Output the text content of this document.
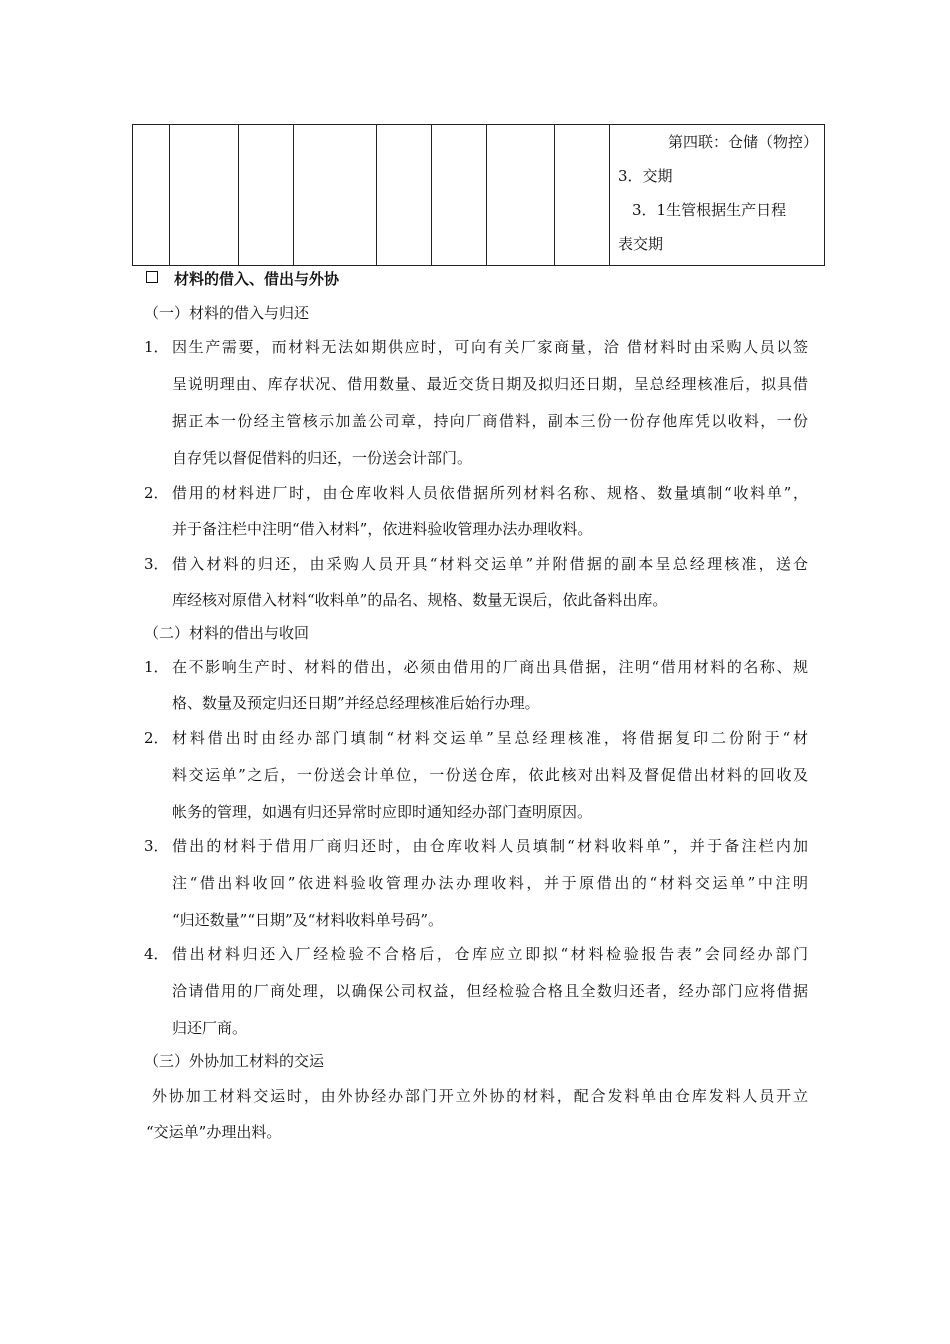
第四联：仓储（物控）
3．交期
3．1生管根据生产日程
表交期
材料的借入、借出与外协
（一）材料的借入与归还
1． 因生产需要，而材料无法如期供应时，可向有关厂家商量，洽 借材料时由采购人员以签
呈说明理由、库存状况、借用数量、最近交货日期及拟归还日期，呈总经理核准后，拟具借
据正本一份经主管核示加盖公司章，持向厂商借料，副本三份一份存他库凭以收料，一份
自存凭以督促借料的归还，一份送会计部门。
2． 借用的材料进厂时，由仓库收料人员依借据所列材料名称、规格、数量填制“收料单”，
并于备注栏中注明“借入材料”，依进料验收管理办法办理收料。
3． 借入材料的归还，由采购人员开具“材料交运单”并附借据的副本呈总经理核准，送仓
库经核对原借入材料“收料单”的品名、规格、数量无误后，依此备料出库。
（二）材料的借出与收回
1． 在不影响生产时、材料的借出，必须由借用的厂商出具借据，注明“借用材料的名称、规
格、数量及预定归还日期”并经总经理核准后始行办理。
2． 材料借出时由经办部门填制“材料交运单”呈总经理核准，将借据复印二份附于“材
料交运单”之后，一份送会计单位，一份送仓库，依此核对出料及督促借出材料的回收及
帐务的管理，如遇有归还异常时应即时通知经办部门查明原因。
3． 借出的材料于借用厂商归还时，由仓库收料人员填制“材料收料单”，并于备注栏内加
注“借出料收回”依进料验收管理办法办理收料，并于原借出的“材料交运单”中注明
“归还数量”“日期”及“材料收料单号码”。
4． 借出材料归还入厂经检验不合格后，仓库应立即拟“材料检验报告表”会同经办部门
洽请借用的厂商处理，以确保公司权益，但经检验合格且全数归还者，经办部门应将借据
归还厂商。
（三）外协加工材料的交运
外协加工材料交运时，由外协经办部门开立外协的材料，配合发料单由仓库发料人员开立
“交运单”办理出料。
